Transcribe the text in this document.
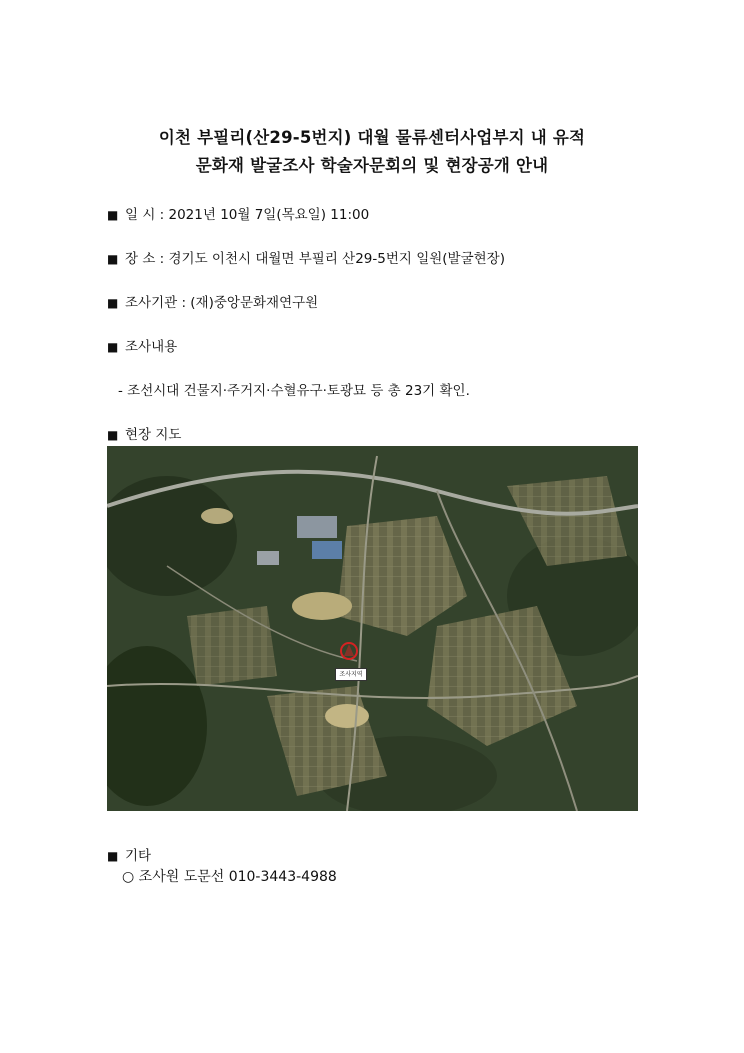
이천 부필리(산29-5번지) 대월 물류센터사업부지 내 유적
문화재 발굴조사 학술자문회의 및 현장공개 안내
■ 일 시 : 2021년 10월 7일(목요일) 11:00
■ 장 소 : 경기도 이천시 대월면 부필리 산29-5번지 일원(발굴현장)
■ 조사기관 : (재)중앙문화재연구원
■ 조사내용
- 조선시대 건물지·주거지·수혈유구·토광묘 등 총 23기 확인.
■ 현장 지도
조사지역
■ 기타
○ 조사원 도문선 010-3443-4988
